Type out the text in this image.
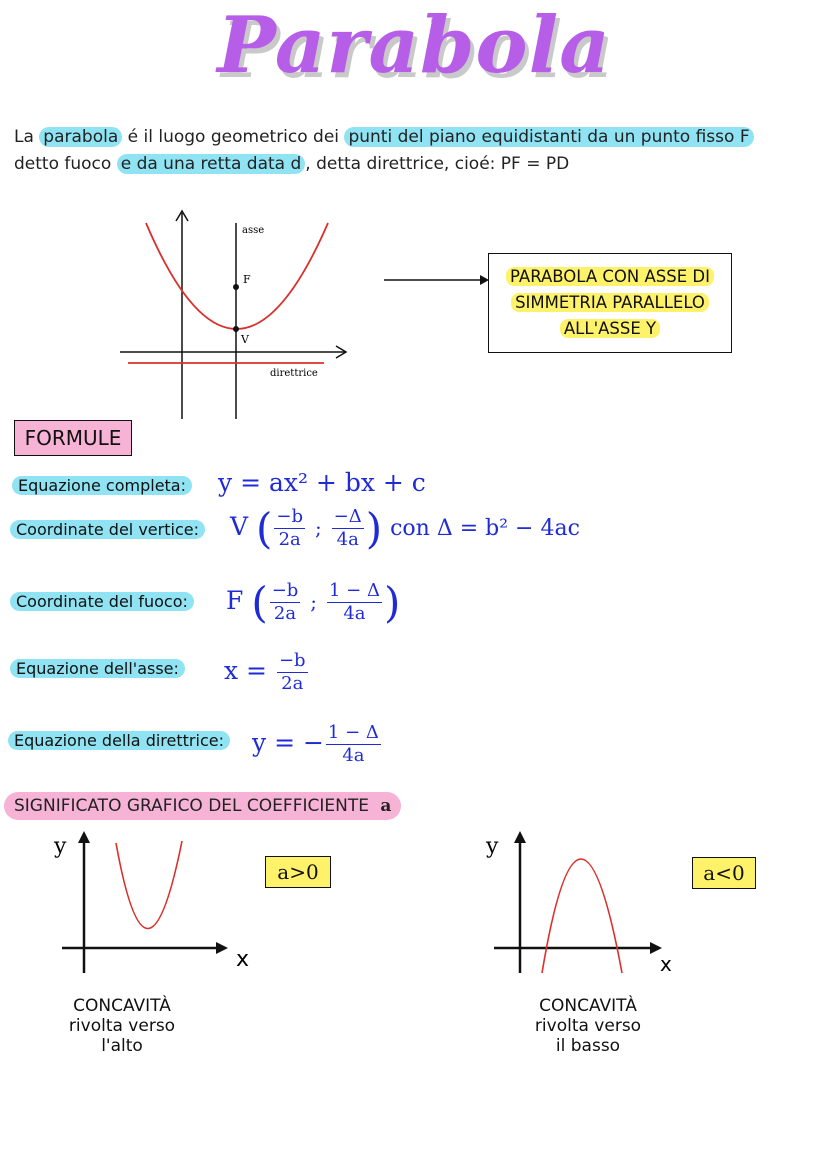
Parabola
La parabola é il luogo geometrico dei punti del piano equidistanti da un punto fisso F
detto fuoco e da una retta data d , detta direttrice, cioé: PF = PD
asse
F
V
direttrice
PARABOLA CON ASSE DI
SIMMETRIA PARALLELO
ALL'ASSE Y
FORMULE
Equazione completa: y = ax² + bx + c
Coordinate del vertice: V ( $\frac{-b}{2a}$ ; $\frac{-\Delta}{4a}$ ) con Δ = b² − 4ac
Coordinate del fuoco: F ( $\frac{-b}{2a}$ ; $\frac{1 - \Delta}{4a}$ )
Equazione dell'asse: $x = \frac{-b}{2a}$
Equazione della direttrice: y = − $\frac{1 - \Delta}{4a}$
SIGNIFICATO GRAFICO DEL COEFFICIENTE a
y
x
a>0
CONCAVITÀ
rivolta verso
l'alto
y
x
a<0
CONCAVITÀ
rivolta verso
il basso
